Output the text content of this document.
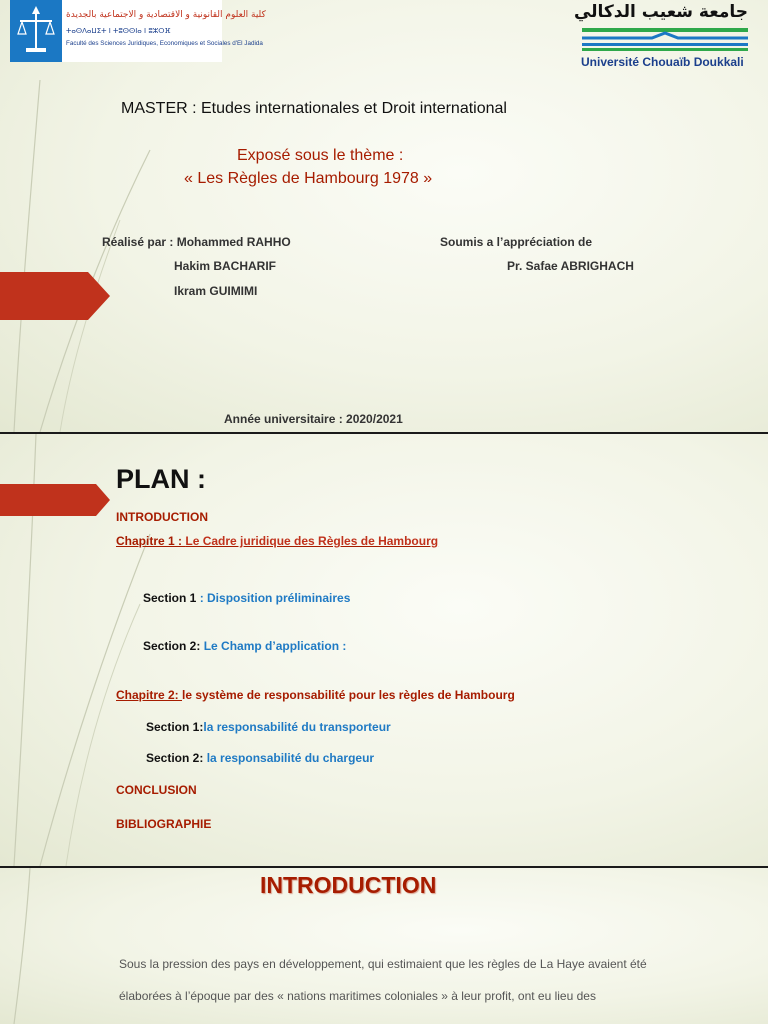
كلية العلوم القانونية و الاقتصادية و الاجتماعية بالجديدة

ⵜⴰⵙⴷⴰⵡⵉⵜ ⵏ ⵜⵓⵙⵙⵏⴰ ⵏ ⵓⵣⵔⴼ

Faculté des Sciences Juridiques, Economiques et Sociales d'El Jadida

جامعة شعيب الدكالي

Université Chouaïb Doukkali

MASTER : Etudes internationales et Droit international

Exposé sous le thème :

« Les Règles de Hambourg 1978 »

Réalisé par : Mohammed RAHHO

Hakim BACHARIF

Ikram GUIMIMI

Soumis a l’appréciation de

Pr. Safae ABRIGHACH

Année universitaire : 2020/2021

PLAN :

INTRODUCTION

Chapitre 1 : Le Cadre juridique des Règles de Hambourg

Section 1 : Disposition préliminaires

Section 2: Le Champ d’application :

Chapitre 2: le système de responsabilité pour les règles de Hambourg

Section 1:la responsabilité du transporteur

Section 2: la responsabilité du chargeur

CONCLUSION

BIBLIOGRAPHIE

INTRODUCTION

Sous la pression des pays en développement, qui estimaient que les règles de La Haye avaient été

élaborées à l’époque par des « nations maritimes coloniales » à leur profit, ont eu lieu des
